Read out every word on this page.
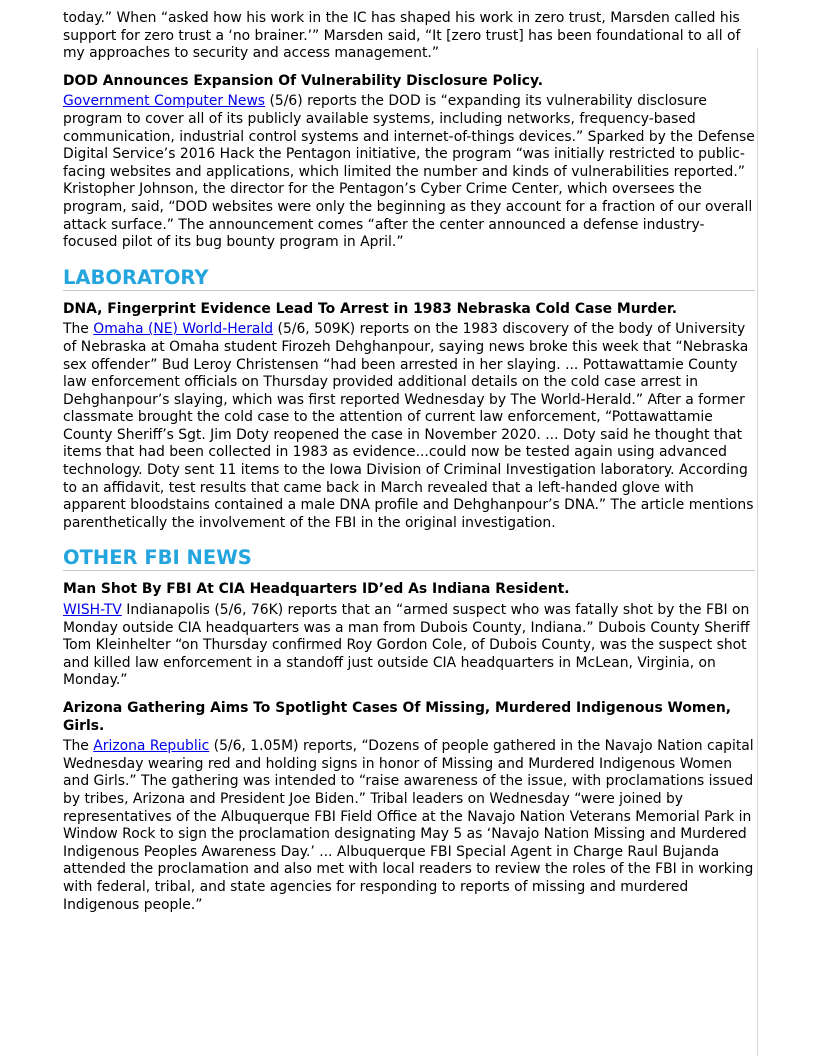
today.” When “asked how his work in the IC has shaped his work in zero trust, Marsden called his support for zero trust a ‘no brainer.’” Marsden said, “It [zero trust] has been foundational to all of my approaches to security and access management.”

DOD Announces Expansion Of Vulnerability Disclosure Policy.

Government Computer News (5/6) reports the DOD is “expanding its vulnerability disclosure program to cover all of its publicly available systems, including networks, frequency-based communication, industrial control systems and internet-of-things devices.” Sparked by the Defense Digital Service’s 2016 Hack the Pentagon initiative, the program “was initially restricted to public-facing websites and applications, which limited the number and kinds of vulnerabilities reported.” Kristopher Johnson, the director for the Pentagon’s Cyber Crime Center, which oversees the program, said, “DOD websites were only the beginning as they account for a fraction of our overall attack surface.” The announcement comes “after the center announced a defense industry-focused pilot of its bug bounty program in April.”

LABORATORY

DNA, Fingerprint Evidence Lead To Arrest in 1983 Nebraska Cold Case Murder.

The Omaha (NE) World-Herald (5/6, 509K) reports on the 1983 discovery of the body of University of Nebraska at Omaha student Firozeh Dehghanpour, saying news broke this week that “Nebraska sex offender” Bud Leroy Christensen “had been arrested in her slaying. ... Pottawattamie County law enforcement officials on Thursday provided additional details on the cold case arrest in Dehghanpour’s slaying, which was first reported Wednesday by The World-Herald.” After a former classmate brought the cold case to the attention of current law enforcement, “Pottawattamie County Sheriff’s Sgt. Jim Doty reopened the case in November 2020. ... Doty said he thought that items that had been collected in 1983 as evidence...could now be tested again using advanced technology. Doty sent 11 items to the Iowa Division of Criminal Investigation laboratory. According to an affidavit, test results that came back in March revealed that a left-handed glove with apparent bloodstains contained a male DNA profile and Dehghanpour’s DNA.” The article mentions parenthetically the involvement of the FBI in the original investigation.

OTHER FBI NEWS

Man Shot By FBI At CIA Headquarters ID’ed As Indiana Resident.

WISH-TV Indianapolis (5/6, 76K) reports that an “armed suspect who was fatally shot by the FBI on Monday outside CIA headquarters was a man from Dubois County, Indiana.” Dubois County Sheriff Tom Kleinhelter “on Thursday confirmed Roy Gordon Cole, of Dubois County, was the suspect shot and killed law enforcement in a standoff just outside CIA headquarters in McLean, Virginia, on Monday.”

Arizona Gathering Aims To Spotlight Cases Of Missing, Murdered Indigenous Women, Girls.

The Arizona Republic (5/6, 1.05M) reports, “Dozens of people gathered in the Navajo Nation capital Wednesday wearing red and holding signs in honor of Missing and Murdered Indigenous Women and Girls.” The gathering was intended to “raise awareness of the issue, with proclamations issued by tribes, Arizona and President Joe Biden.” Tribal leaders on Wednesday “were joined by representatives of the Albuquerque FBI Field Office at the Navajo Nation Veterans Memorial Park in Window Rock to sign the proclamation designating May 5 as ‘Navajo Nation Missing and Murdered Indigenous Peoples Awareness Day.’ ... Albuquerque FBI Special Agent in Charge Raul Bujanda attended the proclamation and also met with local readers to review the roles of the FBI in working with federal, tribal, and state agencies for responding to reports of missing and murdered Indigenous people.”
